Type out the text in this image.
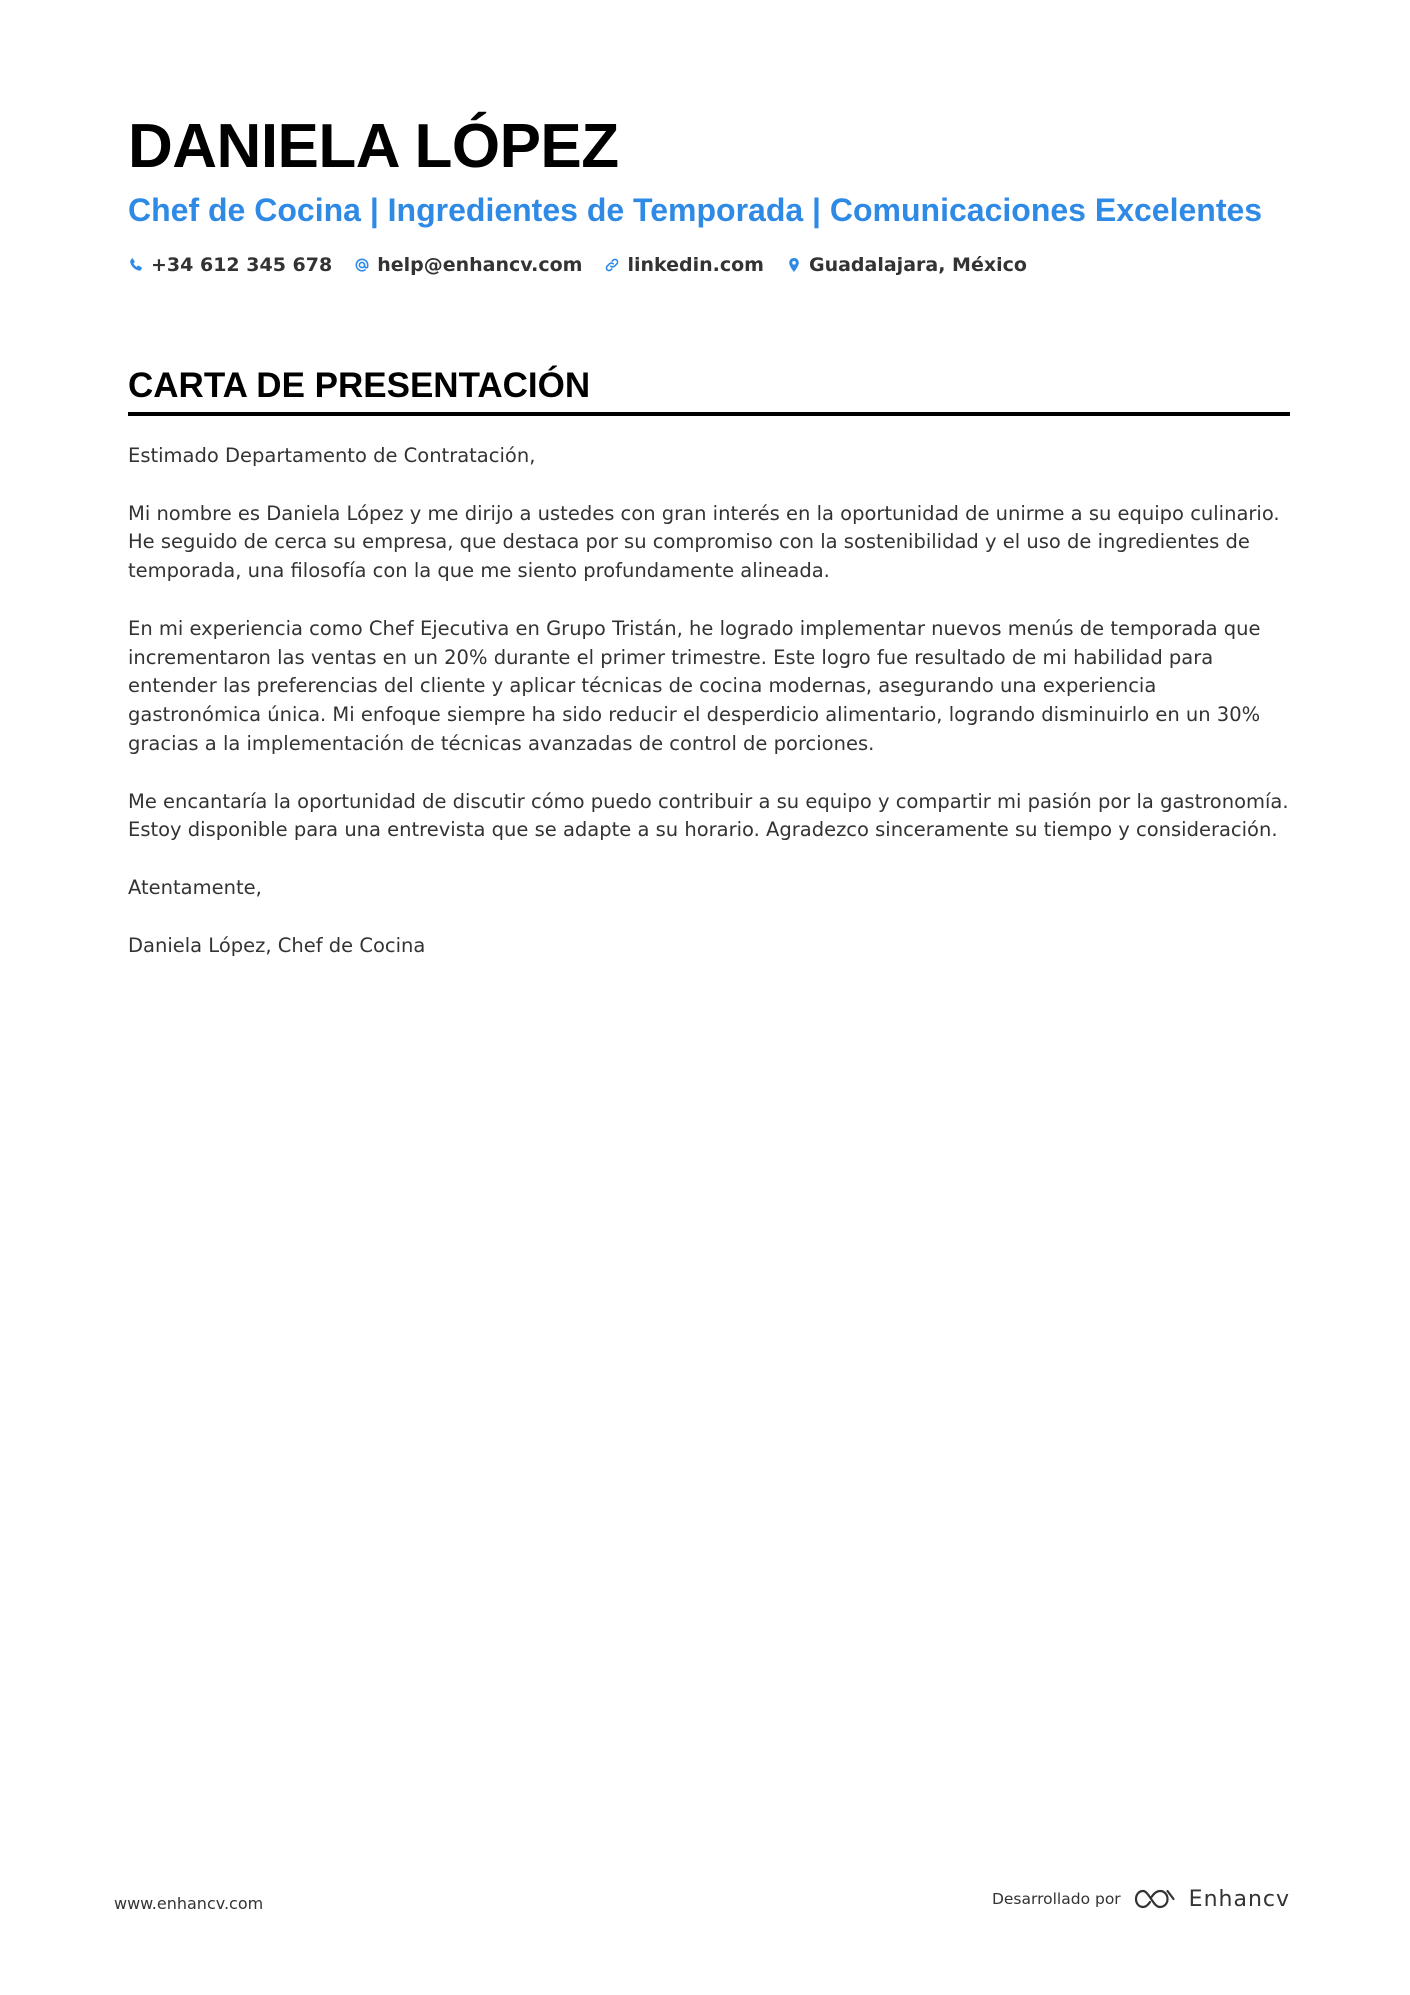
DANIELA LÓPEZ
Chef de Cocina | Ingredientes de Temporada | Comunicaciones Excelentes
+34 612 345 678 help@enhancv.com linkedin.com Guadalajara, México
CARTA DE PRESENTACIÓN

Estimado Departamento de Contratación,

Mi nombre es Daniela López y me dirijo a ustedes con gran interés en la oportunidad de unirme a su equipo culinario. He seguido de cerca su empresa, que destaca por su compromiso con la sostenibilidad y el uso de ingredientes de temporada, una filosofía con la que me siento profundamente alineada.

En mi experiencia como Chef Ejecutiva en Grupo Tristán, he logrado implementar nuevos menús de temporada que incrementaron las ventas en un 20% durante el primer trimestre. Este logro fue resultado de mi habilidad para entender las preferencias del cliente y aplicar técnicas de cocina modernas, asegurando una experiencia gastronómica única. Mi enfoque siempre ha sido reducir el desperdicio alimentario, logrando disminuirlo en un 30% gracias a la implementación de técnicas avanzadas de control de porciones.

Me encantaría la oportunidad de discutir cómo puedo contribuir a su equipo y compartir mi pasión por la gastronomía. Estoy disponible para una entrevista que se adapte a su horario. Agradezco sinceramente su tiempo y consideración.

Atentamente,

Daniela López, Chef de Cocina

www.enhancv.com	Desarrollado por	Enhancv
